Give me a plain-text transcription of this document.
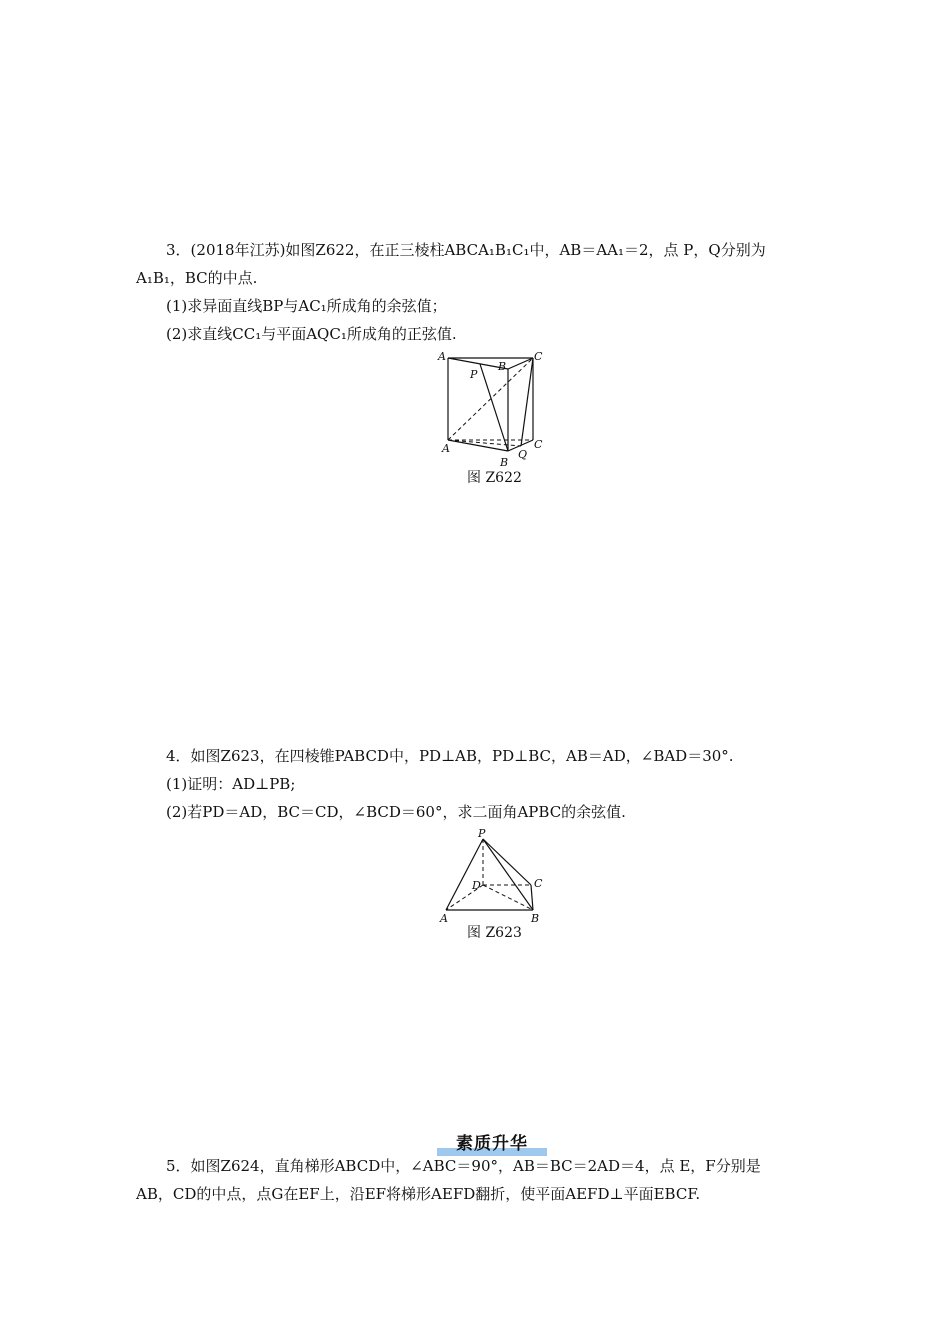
3．(2018年江苏)如图Z622，在正三棱柱ABCA₁B₁C₁中，AB＝AA₁＝2，点 P，Q分别为
A₁B₁，BC的中点.
(1)求异面直线BP与AC₁所成角的余弦值；
(2)求直线CC₁与平面AQC₁所成角的正弦值.
A
B
C
P
A
B
C
Q
图 Z622
4．如图Z623，在四棱锥PABCD中，PD⊥AB，PD⊥BC，AB＝AD，∠BAD＝30°.
(1)证明：AD⊥PB;
(2)若PD＝AD，BC＝CD，∠BCD＝60°，求二面角APBC的余弦值.
P
D	C
A	B
图 Z623
素质升华
5．如图Z624，直角梯形ABCD中，∠ABC＝90°，AB＝BC＝2AD＝4，点 E，F分别是
AB，CD的中点，点G在EF上，沿EF将梯形AEFD翻折，使平面AEFD⊥平面EBCF.
